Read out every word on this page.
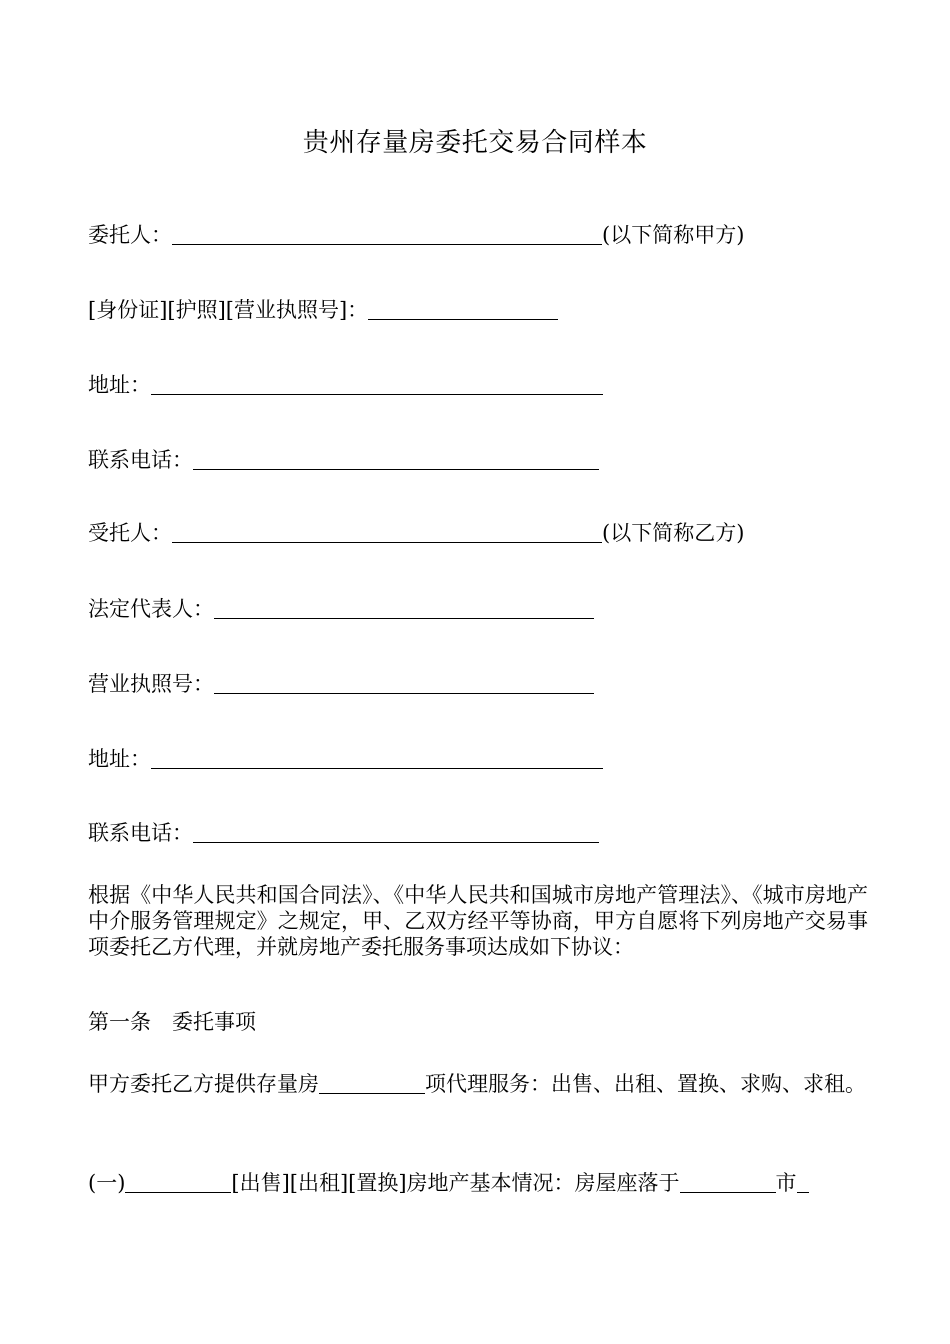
贵州存量房委托交易合同样本
委托人：	(以下简称甲方)
[身份证][护照][营业执照号]：
地址：
联系电话：
受托人：	(以下简称乙方)
法定代表人：
营业执照号：
地址：
联系电话：
根据《中华人民共和国合同法》、《中华人民共和国城市房地产管理法》、《城市房地产中介服务管理规定》之规定，甲、乙双方经平等协商，甲方自愿将下列房地产交易事项委托乙方代理，并就房地产委托服务事项达成如下协议：
第一条　委托事项
甲方委托乙方提供存量房	项代理服务：出售、出租、置换、求购、求租。
(一)	[出售][出租][置换]房地产基本情况：房屋座落于	市
